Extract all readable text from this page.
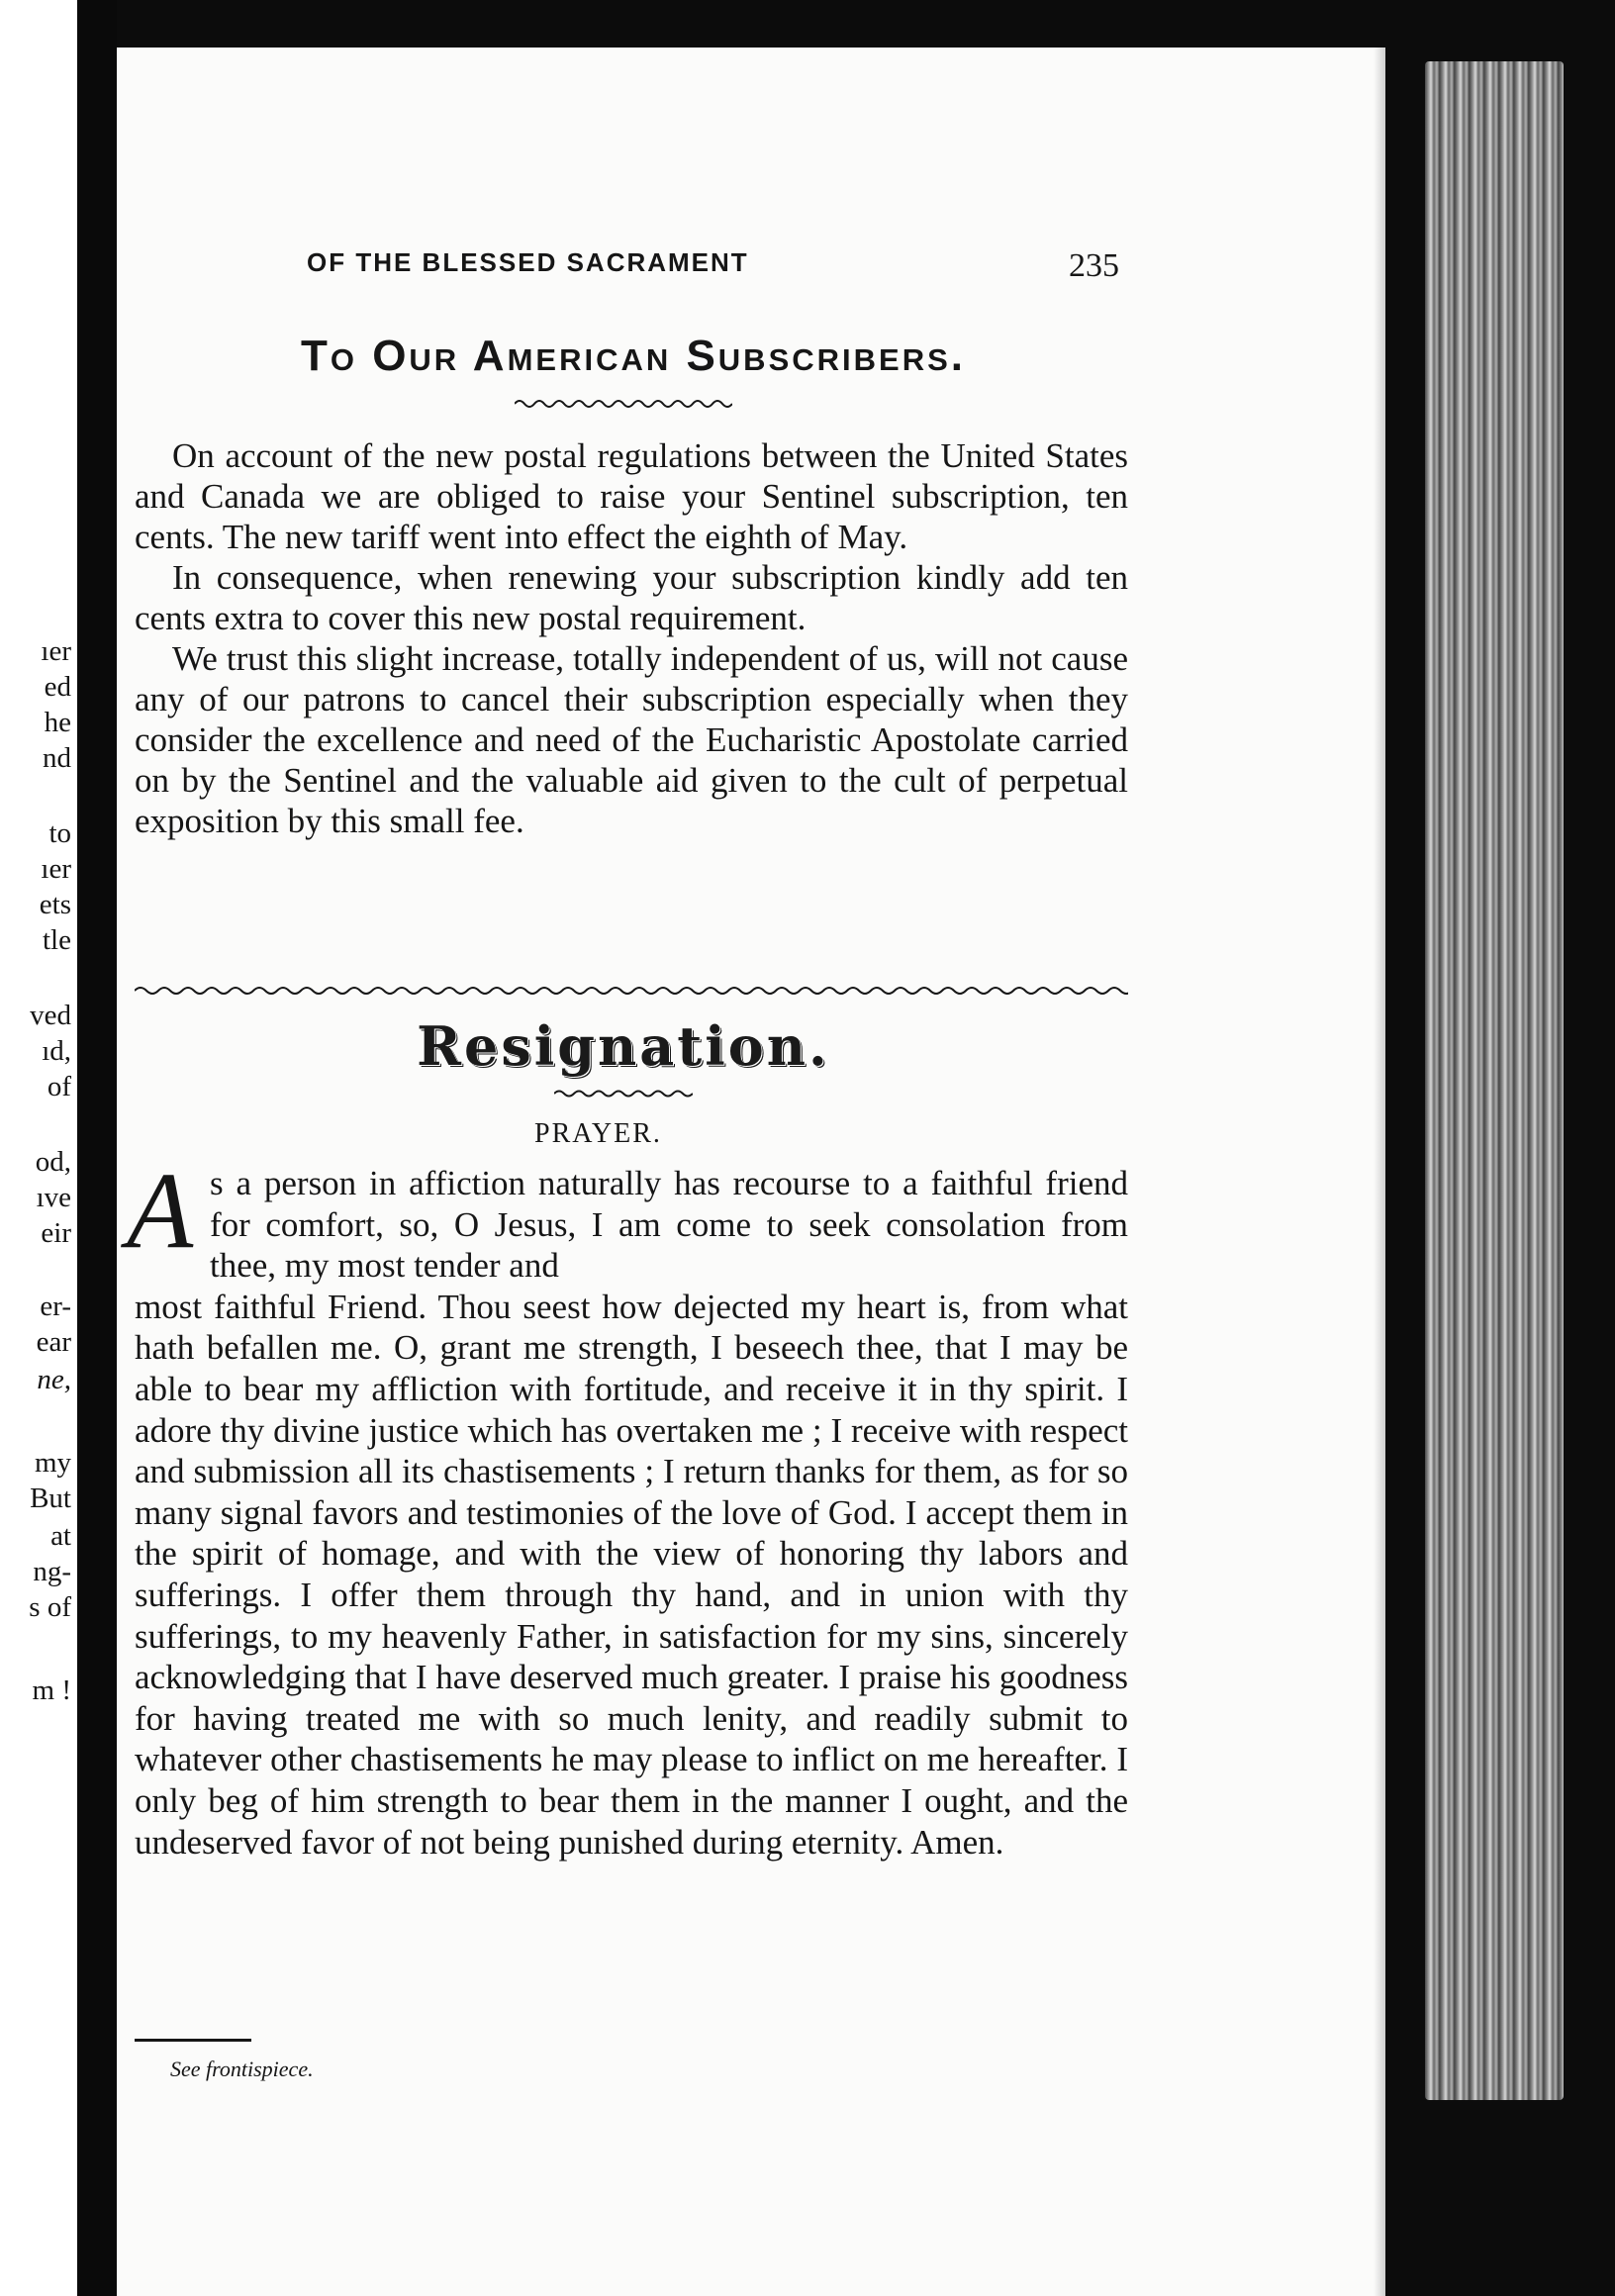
ıer
ed
he
nd
to
ıer
ets
tle
ved
ıd,
of
od,
ıve
eir
er-
ear
ne,
my
But
at
ng-
s of
m !
OF THE BLESSED SACRAMENT	235
To Our American Subscribers.

On account of the new postal regulations between the United States and Canada we are obliged to raise your Sentinel subscription, ten cents. The new tariff went into effect the eighth of May.

In consequence, when renewing your subscription kindly add ten cents extra to cover this new postal requirement.

We trust this slight increase, totally independent of us, will not cause any of our patrons to cancel their subscription especially when they consider the excellence and need of the Eucharistic Apostolate carried on by the Sentinel and the valuable aid given to the cult of perpetual exposition by this small fee.

Resignation.
PRAYER.
A s a person in affiction naturally has recourse to a faithful friend for comfort, so, O Jesus, I am come to seek consolation from thee, my most tender and
most faithful Friend. Thou seest how dejected my heart is, from what hath befallen me. O, grant me strength, I beseech thee, that I may be able to bear my affliction with fortitude, and receive it in thy spirit. I adore thy divine justice which has overtaken me ; I receive with respect and submission all its chastisements ; I return thanks for them, as for so many signal favors and testimonies of the love of God. I accept them in the spirit of homage, and with the view of honoring thy labors and sufferings. I offer them through thy hand, and in union with thy sufferings, to my heavenly Father, in satisfaction for my sins, sincerely acknowledging that I have deserved much greater. I praise his goodness for having treated me with so much lenity, and readily submit to whatever other chastisements he may please to inflict on me hereafter. I only beg of him strength to bear them in the manner I ought, and the undeserved favor of not being punished during eternity. Amen.
See frontispiece.
